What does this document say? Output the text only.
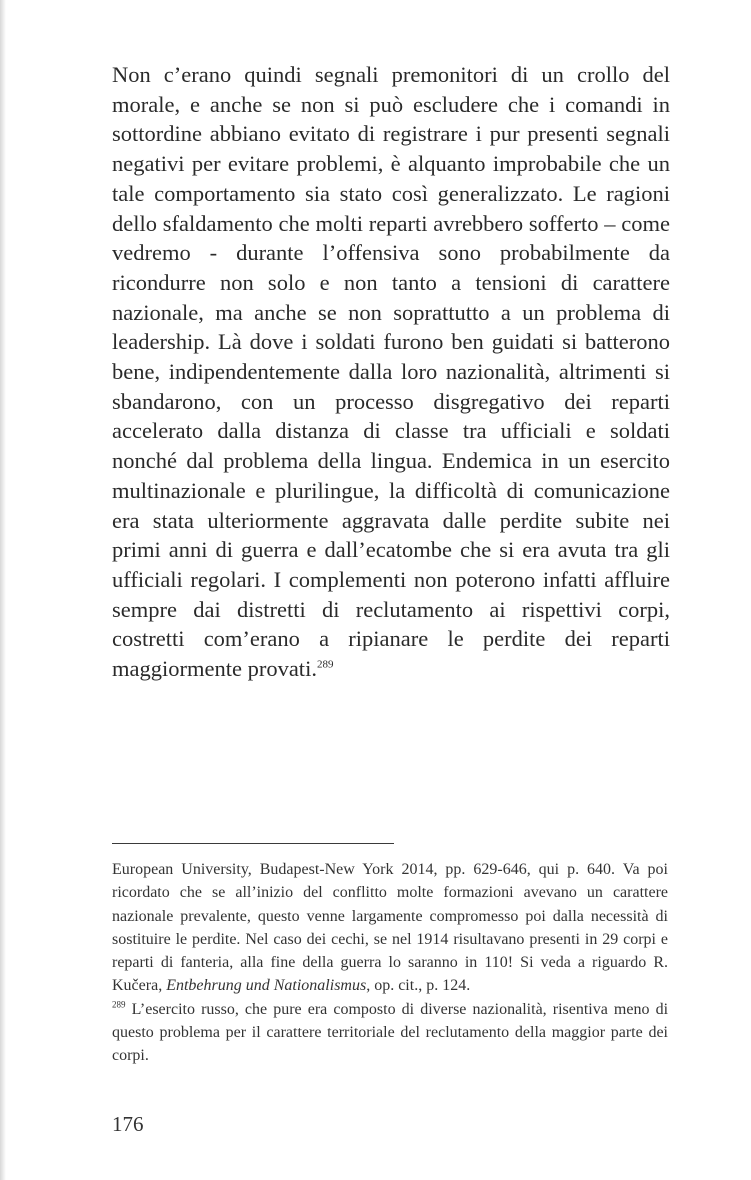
Non c’erano quindi segnali premonitori di un crollo del morale, e anche se non si può escludere che i comandi in sottordine abbiano evitato di registrare i pur presenti segnali negativi per evitare problemi, è alquanto improbabile che un tale comportamento sia stato così generalizzato. Le ragioni dello sfaldamento che molti reparti avrebbero sofferto – come vedremo - durante l’offensiva sono probabilmente da ricondurre non solo e non tanto a tensioni di carattere nazionale, ma anche se non soprattutto a un problema di leadership. Là dove i soldati furono ben guidati si batterono bene, indipendentemente dalla loro nazionalità, altrimenti si sbandarono, con un processo disgregativo dei reparti accelerato dalla distanza di classe tra ufficiali e soldati nonché dal problema della lingua. Endemica in un esercito multinazionale e plurilingue, la difficoltà di comunicazione era stata ulteriormente aggravata dalle perdite subite nei primi anni di guerra e dall’ecatombe che si era avuta tra gli ufficiali regolari. I complementi non poterono infatti affluire sempre dai distretti di reclutamento ai rispettivi corpi, costretti com’erano a ripianare le perdite dei reparti maggiormente provati.$^{289}$

European University, Budapest-New York 2014, pp. 629-646, qui p. 640. Va poi ricordato che se all’inizio del conflitto molte formazioni avevano un carattere nazionale prevalente, questo venne largamente compromesso poi dalla necessità di sostituire le perdite. Nel caso dei cechi, se nel 1914 risultavano presenti in 29 corpi e reparti di fanteria, alla fine della guerra lo saranno in 110! Si veda a riguardo R. Kučera, Entbehrung und Nationalismus, op. cit., p. 124.

$^{289}$ L’esercito russo, che pure era composto di diverse nazionalità, risentiva meno di questo problema per il carattere territoriale del reclutamento della maggior parte dei corpi.

176
